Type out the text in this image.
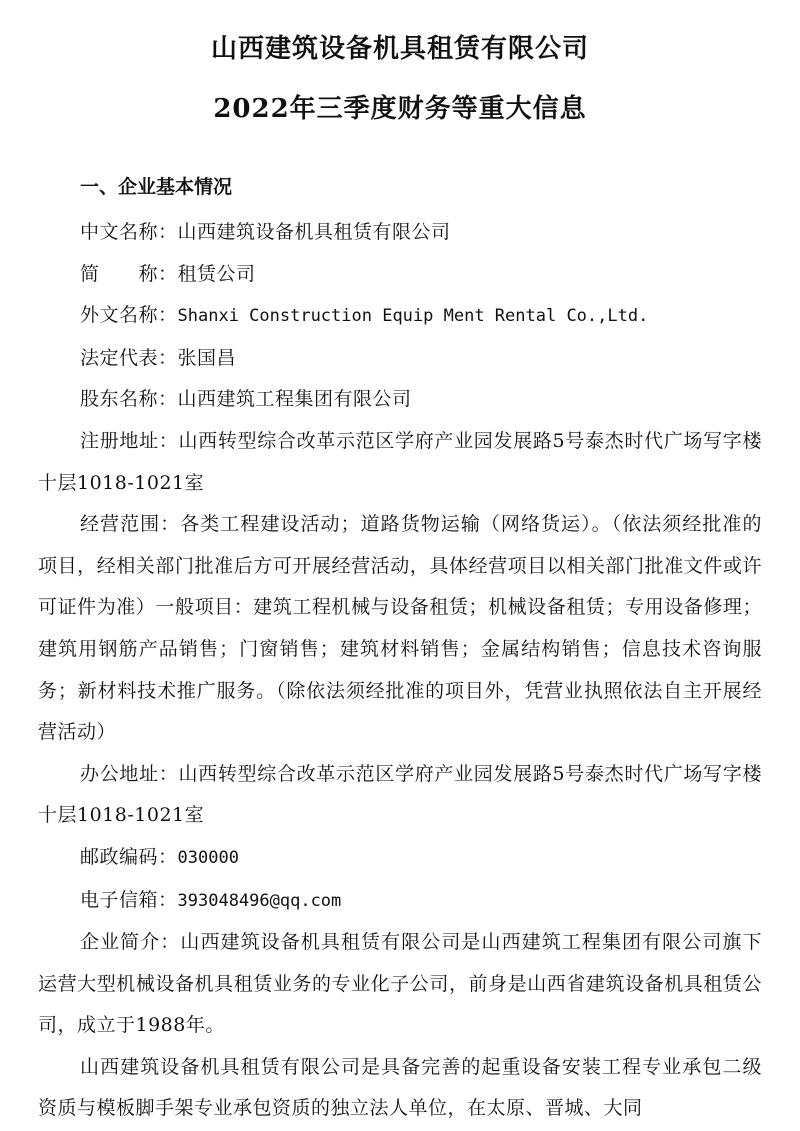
山西建筑设备机具租赁有限公司
2022年三季度财务等重大信息
一、企业基本情况

中文名称：山西建筑设备机具租赁有限公司

简　　称：租赁公司

外文名称：Shanxi Construction Equip Ment Rental Co.,Ltd.

法定代表：张国昌

股东名称：山西建筑工程集团有限公司

注册地址：山西转型综合改革示范区学府产业园发展路5号泰杰时代广场写字楼十层1018-1021室

经营范围：各类工程建设活动；道路货物运输（网络货运）。（依法须经批准的项目，经相关部门批准后方可开展经营活动，具体经营项目以相关部门批准文件或许可证件为准）一般项目：建筑工程机械与设备租赁；机械设备租赁；专用设备修理；建筑用钢筋产品销售；门窗销售；建筑材料销售；金属结构销售；信息技术咨询服务；新材料技术推广服务。（除依法须经批准的项目外，凭营业执照依法自主开展经营活动）

办公地址：山西转型综合改革示范区学府产业园发展路5号泰杰时代广场写字楼十层1018-1021室

邮政编码：030000

电子信箱：393048496@qq.com

企业简介：山西建筑设备机具租赁有限公司是山西建筑工程集团有限公司旗下运营大型机械设备机具租赁业务的专业化子公司，前身是山西省建筑设备机具租赁公司，成立于1988年。

山西建筑设备机具租赁有限公司是具备完善的起重设备安装工程专业承包二级资质与模板脚手架专业承包资质的独立法人单位，在太原、晋城、大同
